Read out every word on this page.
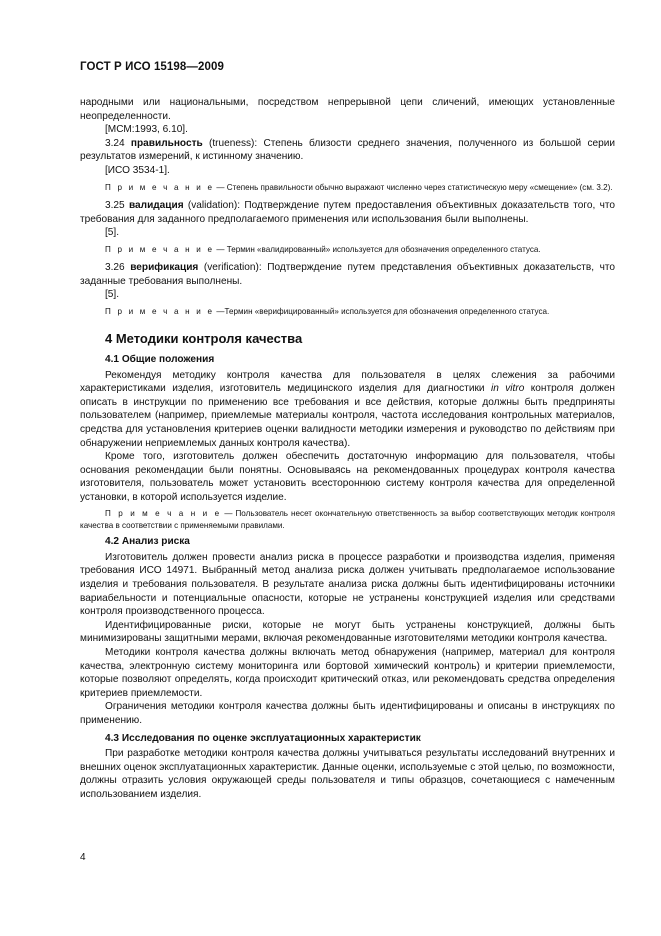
ГОСТ Р ИСО 15198—2009

народными или национальными, посредством непрерывной цепи сличений, имеющих установленные неопределенности.

[МСМ:1993, 6.10].

3.24 правильность (trueness): Степень близости среднего значения, полученного из большой серии результатов измерений, к истинному значению.

[ИСО 3534-1].

П р и м е ч а н и е — Степень правильности обычно выражают численно через статистическую меру «смещение» (см. 3.2).

3.25 валидация (validation): Подтверждение путем предоставления объективных доказательств того, что требования для заданного предполагаемого применения или использования были выполнены.

[5].

П р и м е ч а н и е — Термин «валидированный» используется для обозначения определенного статуса.

3.26 верификация (verification): Подтверждение путем представления объективных доказательств, что заданные требования выполнены.

[5].

П р и м е ч а н и е —Термин «верифицированный» используется для обозначения определенного статуса.

4 Методики контроля качества

4.1 Общие положения

Рекомендуя методику контроля качества для пользователя в целях слежения за рабочими характеристиками изделия, изготовитель медицинского изделия для диагностики in vitro контроля должен описать в инструкции по применению все требования и все действия, которые должны быть предприняты пользователем (например, приемлемые материалы контроля, частота исследования контрольных материалов, средства для установления критериев оценки валидности методики измерения и руководство по действиям при обнаружении неприемлемых данных контроля качества).

Кроме того, изготовитель должен обеспечить достаточную информацию для пользователя, чтобы основания рекомендации были понятны. Основываясь на рекомендованных процедурах контроля качества изготовителя, пользователь может установить всестороннюю систему контроля качества для определенной установки, в которой используется изделие.

П р и м е ч а н и е — Пользователь несет окончательную ответственность за выбор соответствующих методик контроля качества в соответствии с применяемыми правилами.

4.2 Анализ риска

Изготовитель должен провести анализ риска в процессе разработки и производства изделия, применяя требования ИСО 14971. Выбранный метод анализа риска должен учитывать предполагаемое использование изделия и требования пользователя. В результате анализа риска должны быть идентифицированы источники вариабельности и потенциальные опасности, которые не устранены конструкцией изделия или средствами контроля производственного процесса.

Идентифицированные риски, которые не могут быть устранены конструкцией, должны быть минимизированы защитными мерами, включая рекомендованные изготовителями методики контроля качества.

Методики контроля качества должны включать метод обнаружения (например, материал для контроля качества, электронную систему мониторинга или бортовой химический контроль) и критерии приемлемости, которые позволяют определять, когда происходит критический отказ, или рекомендовать средства определения критериев приемлемости.

Ограничения методики контроля качества должны быть идентифицированы и описаны в инструкциях по применению.

4.3 Исследования по оценке эксплуатационных характеристик

При разработке методики контроля качества должны учитываться результаты исследований внутренних и внешних оценок эксплуатационных характеристик. Данные оценки, используемые с этой целью, по возможности, должны отразить условия окружающей среды пользователя и типы образцов, сочетающиеся с намеченным использованием изделия.

4
